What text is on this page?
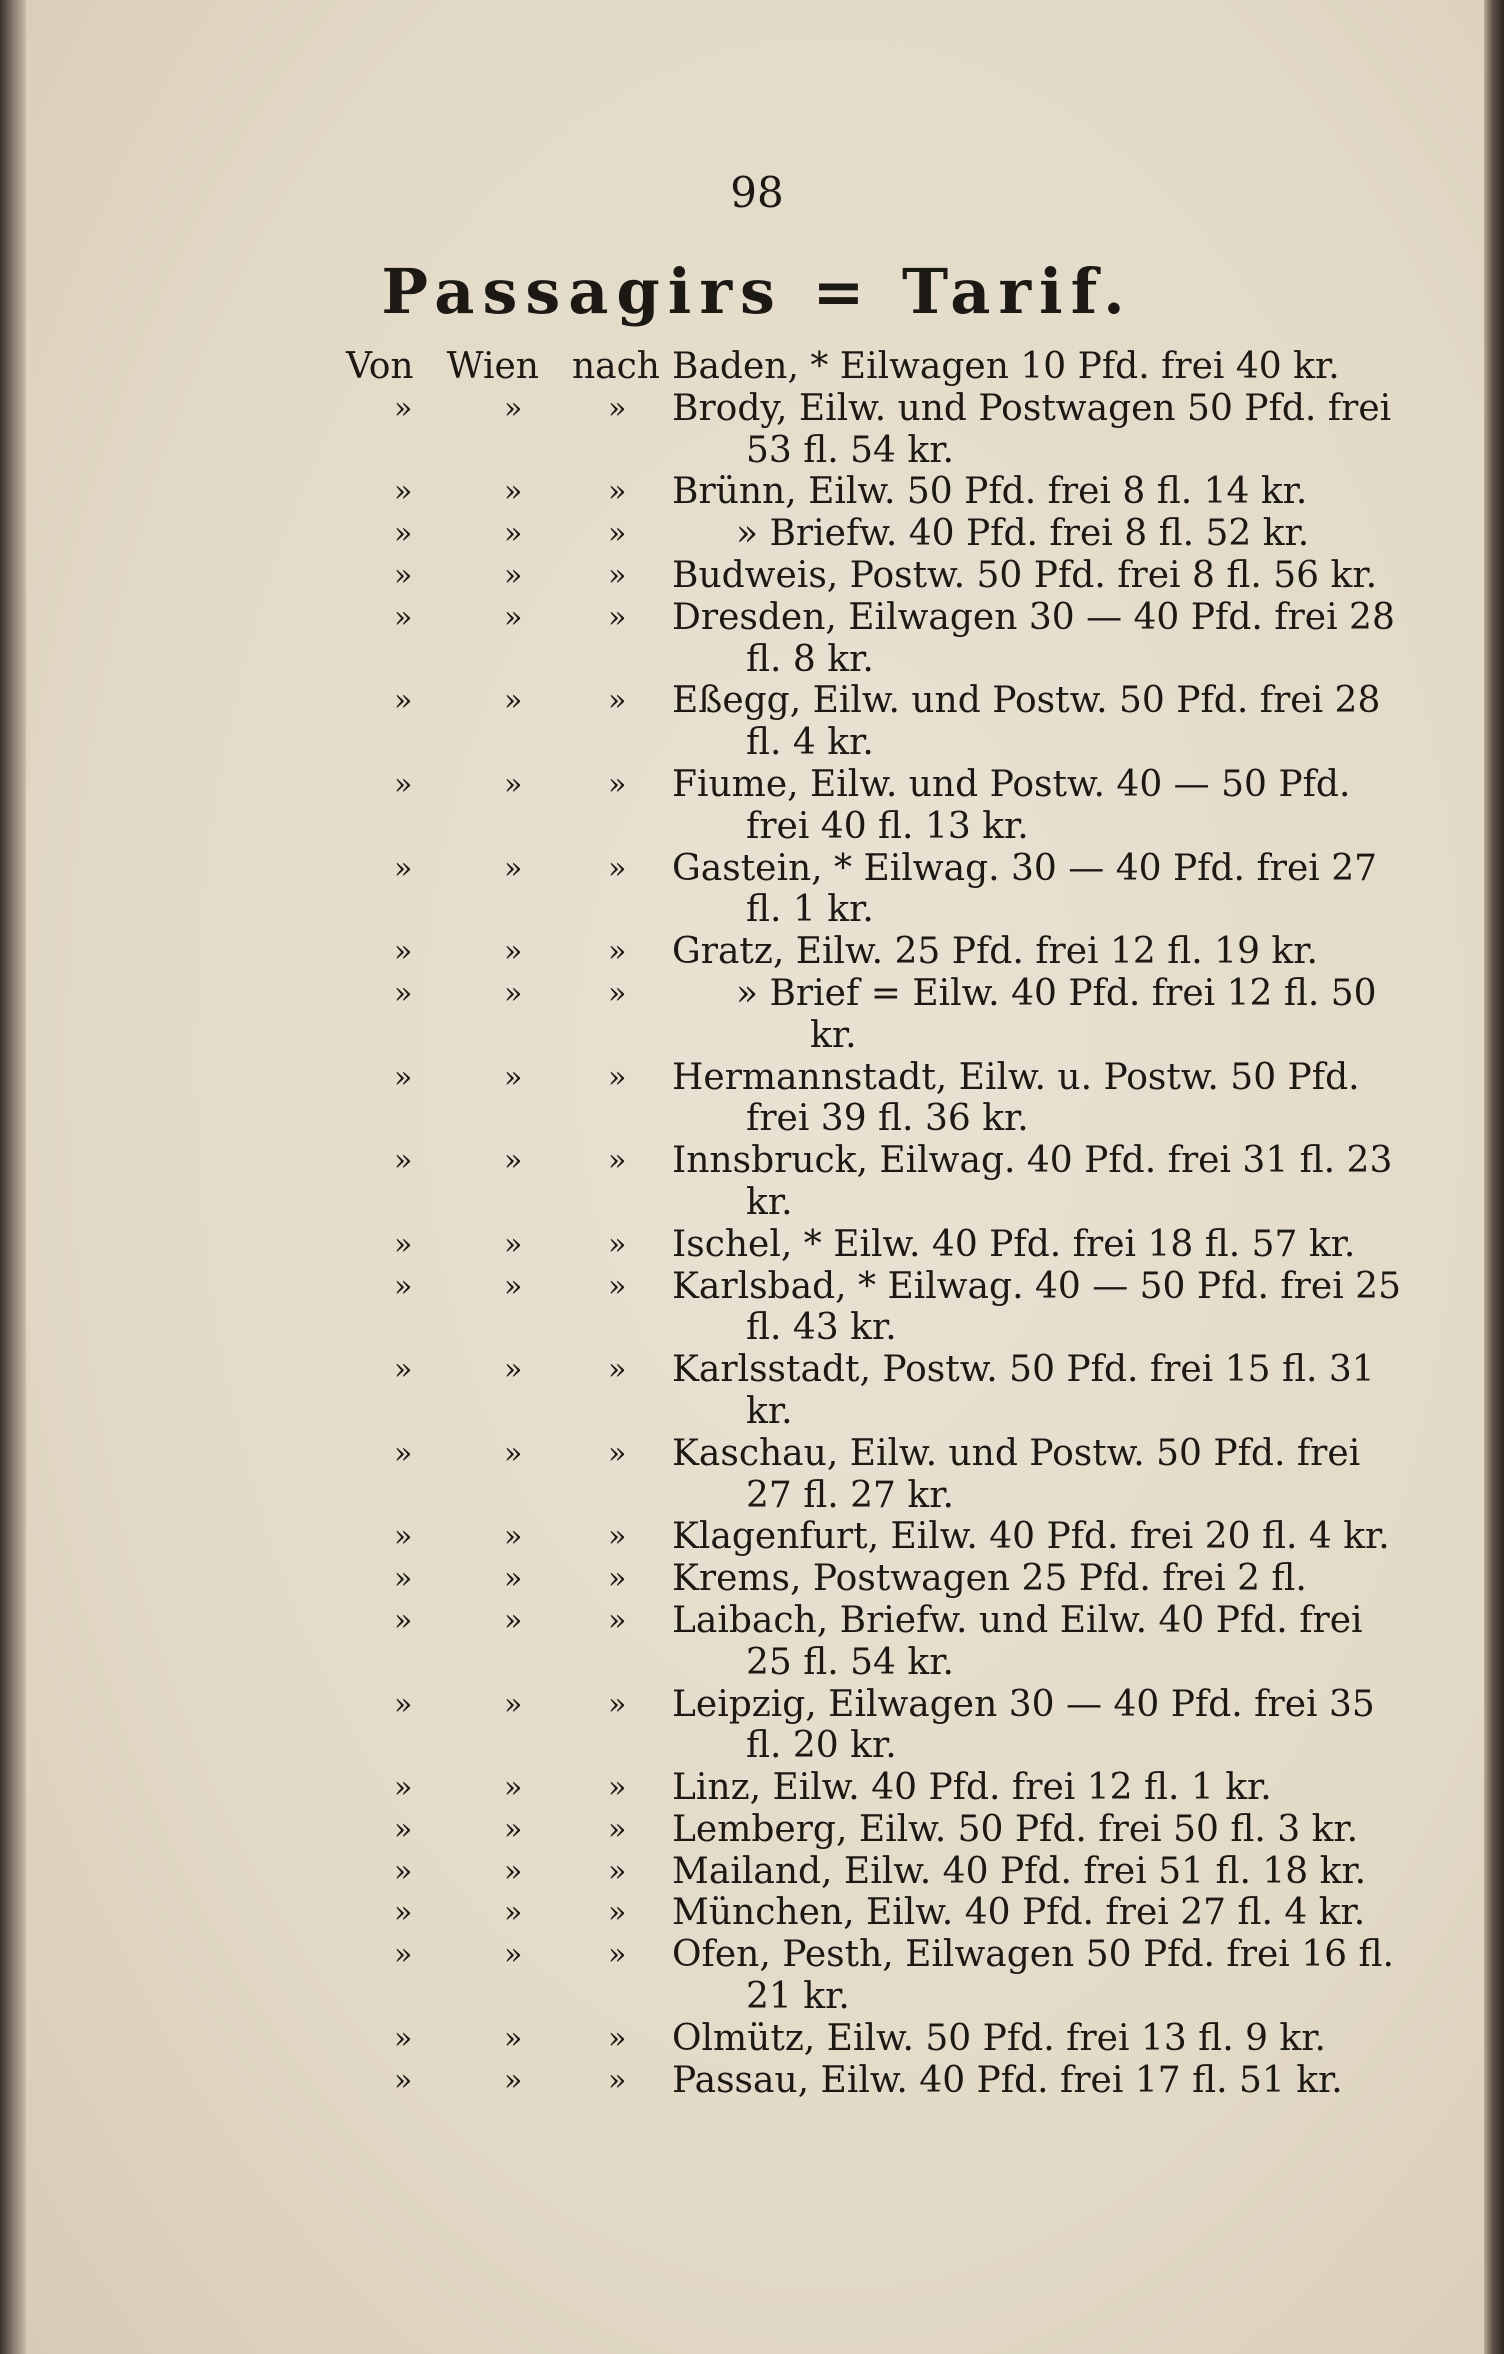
98
Passagirs = Tarif.
Von Wien nach Baden, * Eilwagen 10 Pfd. frei 40 kr.
»	»	» Brody, Eilw. und Postwagen 50 Pfd. frei 53 fl. 54 kr.
»	»	» Brünn, Eilw. 50 Pfd. frei 8 fl. 14 kr.
»	»	»	» Briefw. 40 Pfd. frei 8 fl. 52 kr.
»	»	» Budweis, Postw. 50 Pfd. frei 8 fl. 56 kr.
»	»	» Dresden, Eilwagen 30 — 40 Pfd. frei 28 fl. 8 kr.
»	»	» Eßegg, Eilw. und Postw. 50 Pfd. frei 28 fl. 4 kr.
»	»	» Fiume, Eilw. und Postw. 40 — 50 Pfd. frei 40 fl. 13 kr.
»	»	» Gastein, * Eilwag. 30 — 40 Pfd. frei 27 fl. 1 kr.
»	»	» Gratz, Eilw. 25 Pfd. frei 12 fl. 19 kr.
»	»	»	» Brief = Eilw. 40 Pfd. frei 12 fl. 50 kr.
»	»	» Hermannstadt, Eilw. u. Postw. 50 Pfd. frei 39 fl. 36 kr.
»	»	» Innsbruck, Eilwag. 40 Pfd. frei 31 fl. 23 kr.
»	»	» Ischel, * Eilw. 40 Pfd. frei 18 fl. 57 kr.
»	»	» Karlsbad, * Eilwag. 40 — 50 Pfd. frei 25 fl. 43 kr.
»	»	» Karlsstadt, Postw. 50 Pfd. frei 15 fl. 31 kr.
»	»	» Kaschau, Eilw. und Postw. 50 Pfd. frei 27 fl. 27 kr.
»	»	» Klagenfurt, Eilw. 40 Pfd. frei 20 fl. 4 kr.
»	»	» Krems, Postwagen 25 Pfd. frei 2 fl.
»	»	» Laibach, Briefw. und Eilw. 40 Pfd. frei 25 fl. 54 kr.
»	»	» Leipzig, Eilwagen 30 — 40 Pfd. frei 35 fl. 20 kr.
»	»	» Linz, Eilw. 40 Pfd. frei 12 fl. 1 kr.
»	»	» Lemberg, Eilw. 50 Pfd. frei 50 fl. 3 kr.
»	»	» Mailand, Eilw. 40 Pfd. frei 51 fl. 18 kr.
»	»	» München, Eilw. 40 Pfd. frei 27 fl. 4 kr.
»	»	» Ofen, Pesth, Eilwagen 50 Pfd. frei 16 fl. 21 kr.
»	»	» Olmütz, Eilw. 50 Pfd. frei 13 fl. 9 kr.
»	»	» Passau, Eilw. 40 Pfd. frei 17 fl. 51 kr.
